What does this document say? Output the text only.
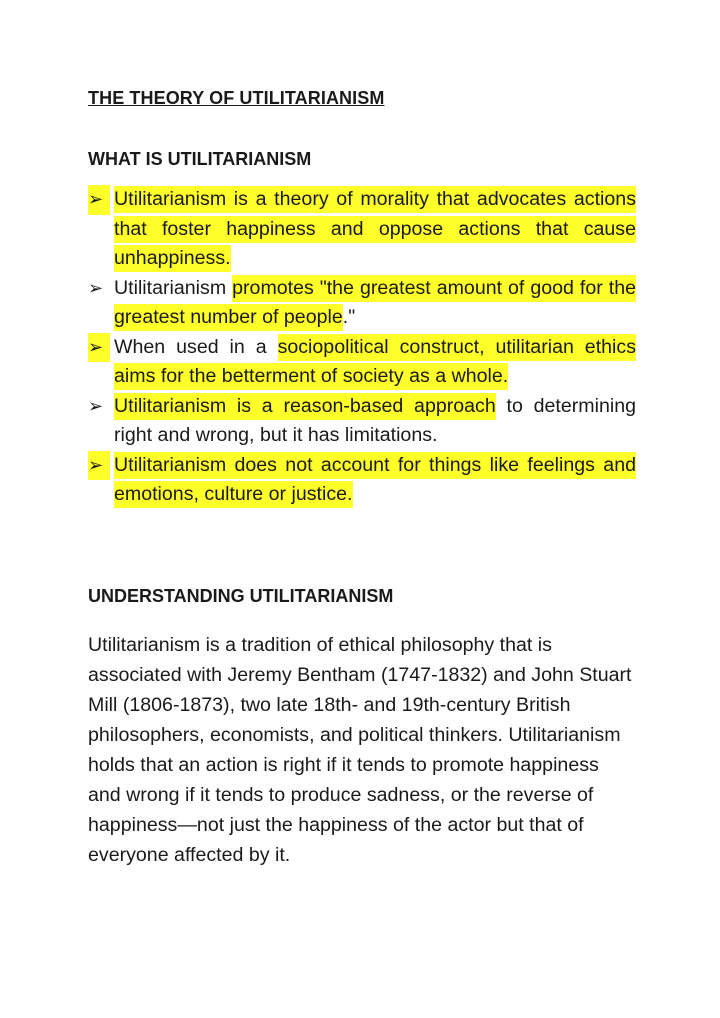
THE THEORY OF UTILITARIANISM
WHAT IS UTILITARIANISM
➢ Utilitarianism is a theory of morality that advocates actions that foster happiness and oppose actions that cause unhappiness.
➢ Utilitarianism promotes "the greatest amount of good for the greatest number of people."
➢ When used in a sociopolitical construct, utilitarian ethics aims for the betterment of society as a whole.
➢ Utilitarianism is a reason-based approach to determining right and wrong, but it has limitations.
➢ Utilitarianism does not account for things like feelings and emotions, culture or justice.
UNDERSTANDING UTILITARIANISM

Utilitarianism is a tradition of ethical philosophy that is associated with Jeremy Bentham (1747-1832) and John Stuart Mill (1806-1873), two late 18th- and 19th-century British philosophers, economists, and political thinkers. Utilitarianism holds that an action is right if it tends to promote happiness and wrong if it tends to produce sadness, or the reverse of happiness—not just the happiness of the actor but that of everyone affected by it.
